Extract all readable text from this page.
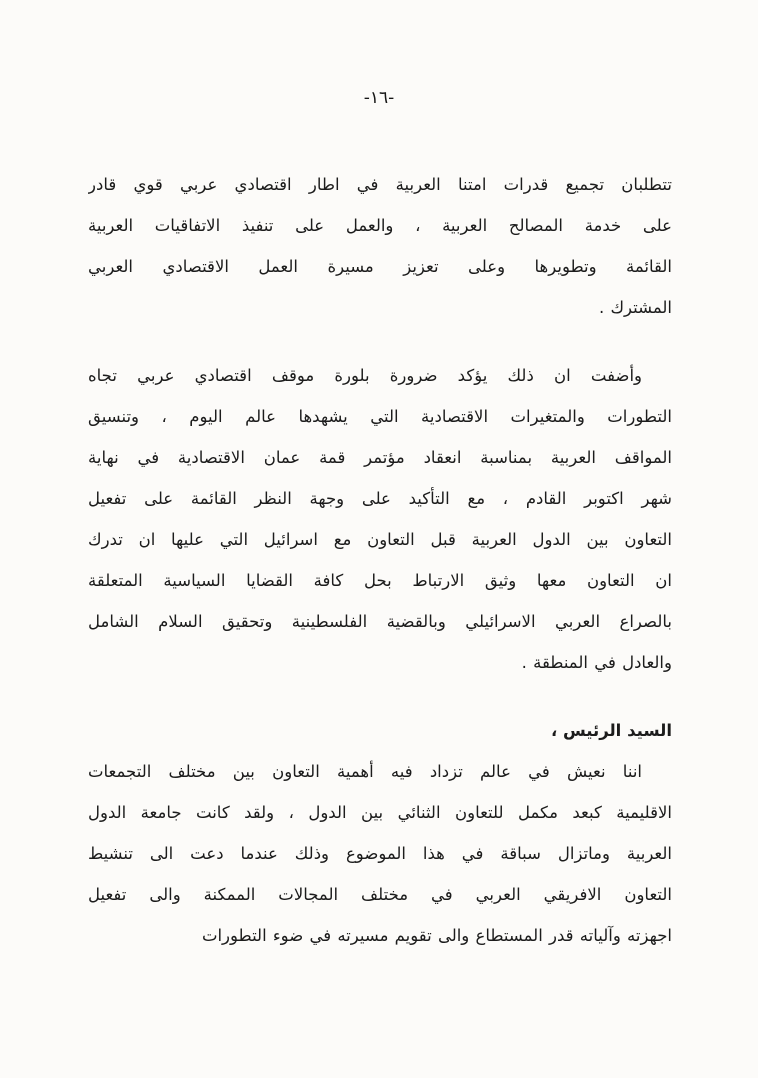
-١٦-
تتطلبان تجميع قدرات امتنا العربية في اطار اقتصادي عربي قوي قادر
على خدمة المصالح العربية ، والعمل على تنفيذ الاتفاقيات العربية
القائمة وتطويرها وعلى تعزيز مسيرة العمل الاقتصادي العربي
المشترك .
وأضفت ان ذلك يؤكد ضرورة بلورة موقف اقتصادي عربي تجاه
التطورات والمتغيرات الاقتصادية التي يشهدها عالم اليوم ، وتنسيق
المواقف العربية بمناسبة انعقاد مؤتمر قمة عمان الاقتصادية في نهاية
شهر اكتوبر القادم ، مع التأكيد على وجهة النظر القائمة على تفعيل
التعاون بين الدول العربية قبل التعاون مع اسرائيل التي عليها ان تدرك
ان التعاون معها وثيق الارتباط بحل كافة القضايا السياسية المتعلقة
بالصراع العربي الاسرائيلي وبالقضية الفلسطينية وتحقيق السلام الشامل
والعادل في المنطقة .
السيد الرئيس ،
اننا نعيش في عالم تزداد فيه أهمية التعاون بين مختلف التجمعات
الاقليمية كبعد مكمل للتعاون الثنائي بين الدول ، ولقد كانت جامعة الدول
العربية وماتزال سباقة في هذا الموضوع وذلك عندما دعت الى تنشيط
التعاون الافريقي العربي في مختلف المجالات الممكنة والى تفعيل
اجهزته وآلياته قدر المستطاع والى تقويم مسيرته في ضوء التطورات
